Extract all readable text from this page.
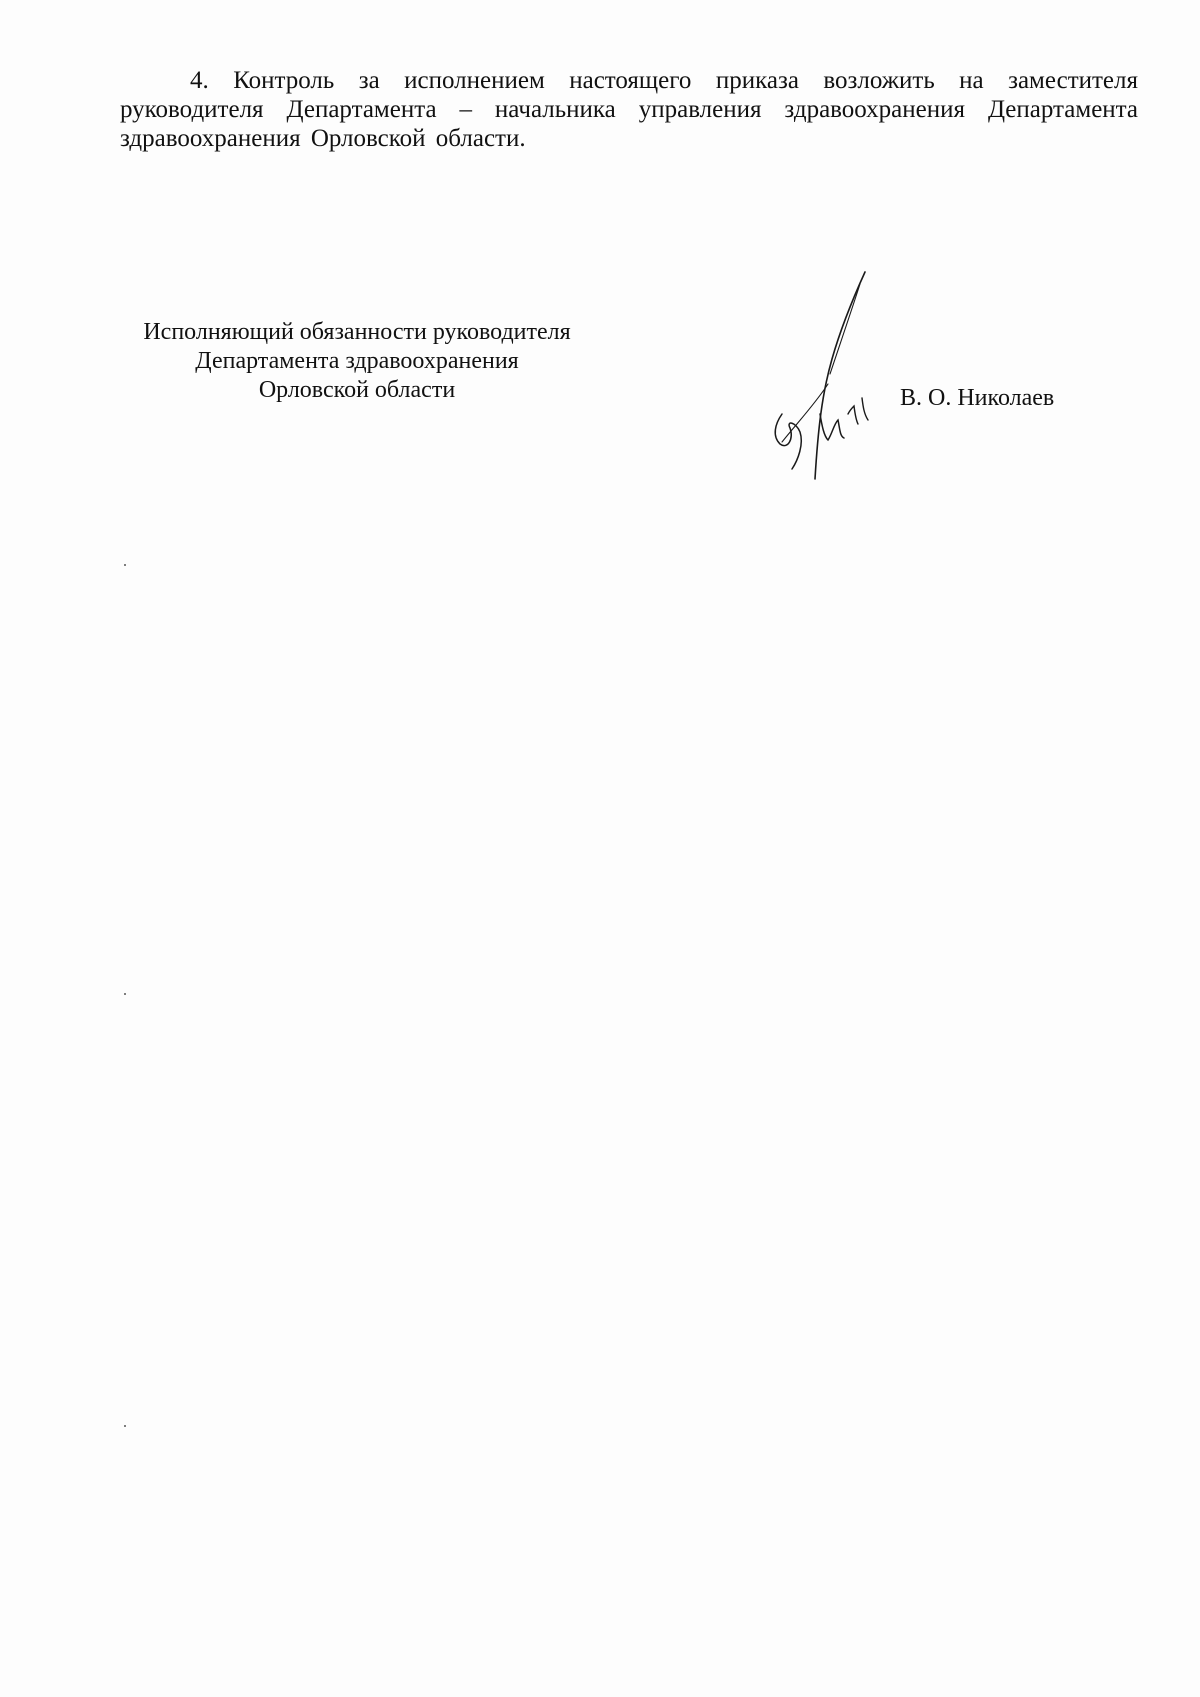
4. Контроль за исполнением настоящего приказа возложить на заместителя руководителя Департамента – начальника управления здравоохранения Департамента здравоохранения Орловской области.

Исполняющий обязанности руководителя
Департамента здравоохранения
Орловской области	В. О. Николаев
